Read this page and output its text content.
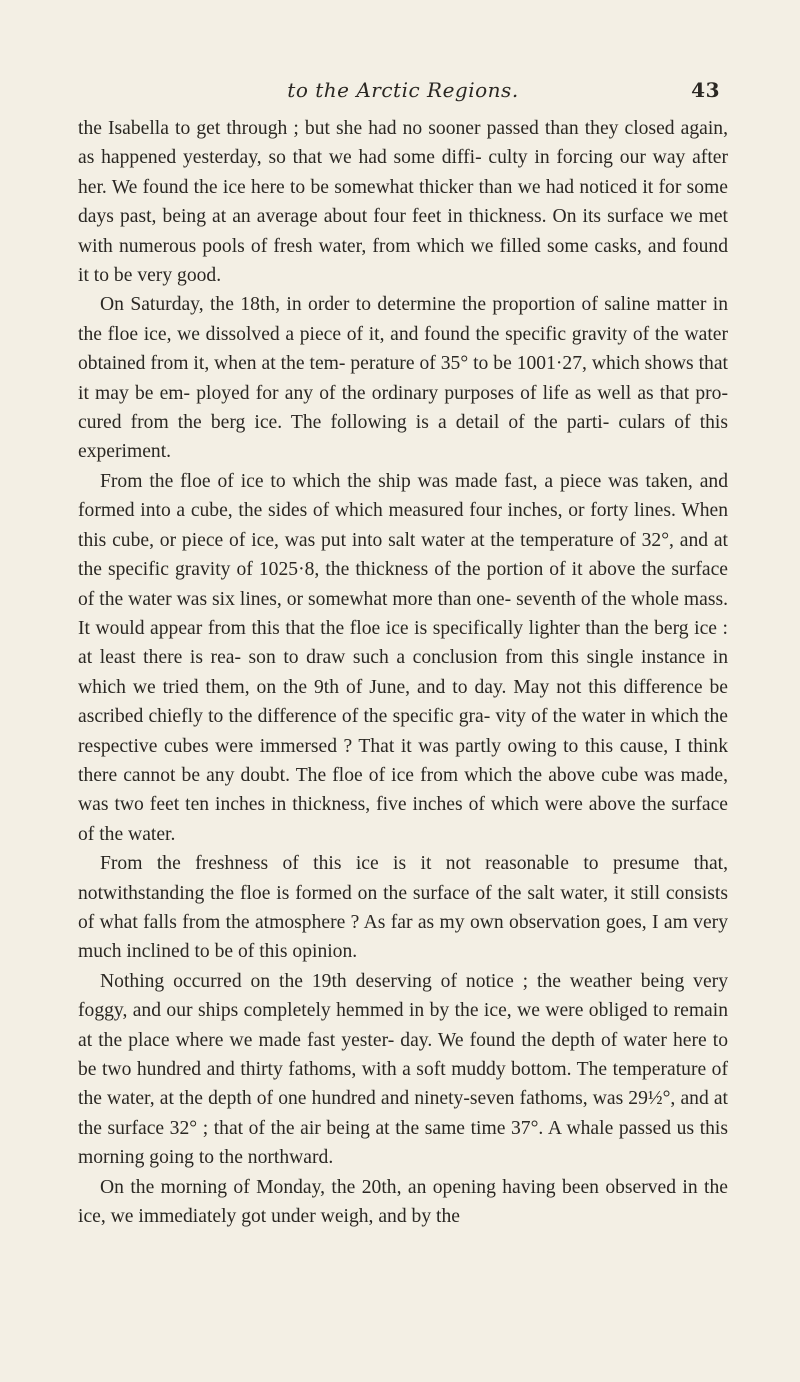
to the Arctic Regions.	43

the Isabella to get through ; but she had no sooner passed than they closed again, as happened yesterday, so that we had some diffi- culty in forcing our way after her. We found the ice here to be somewhat thicker than we had noticed it for some days past, being at an average about four feet in thickness. On its surface we met with numerous pools of fresh water, from which we filled some casks, and found it to be very good.

On Saturday, the 18th, in order to determine the proportion of saline matter in the floe ice, we dissolved a piece of it, and found the specific gravity of the water obtained from it, when at the tem- perature of 35° to be 1001·27, which shows that it may be em- ployed for any of the ordinary purposes of life as well as that pro- cured from the berg ice. The following is a detail of the parti- culars of this experiment.

From the floe of ice to which the ship was made fast, a piece was taken, and formed into a cube, the sides of which measured four inches, or forty lines. When this cube, or piece of ice, was put into salt water at the temperature of 32°, and at the specific gravity of 1025·8, the thickness of the portion of it above the surface of the water was six lines, or somewhat more than one- seventh of the whole mass. It would appear from this that the floe ice is specifically lighter than the berg ice : at least there is rea- son to draw such a conclusion from this single instance in which we tried them, on the 9th of June, and to day. May not this difference be ascribed chiefly to the difference of the specific gra- vity of the water in which the respective cubes were immersed ? That it was partly owing to this cause, I think there cannot be any doubt. The floe of ice from which the above cube was made, was two feet ten inches in thickness, five inches of which were above the surface of the water.

From the freshness of this ice is it not reasonable to presume that, notwithstanding the floe is formed on the surface of the salt water, it still consists of what falls from the atmosphere ? As far as my own observation goes, I am very much inclined to be of this opinion.

Nothing occurred on the 19th deserving of notice ; the weather being very foggy, and our ships completely hemmed in by the ice, we were obliged to remain at the place where we made fast yester- day. We found the depth of water here to be two hundred and thirty fathoms, with a soft muddy bottom. The temperature of the water, at the depth of one hundred and ninety-seven fathoms, was 29½°, and at the surface 32° ; that of the air being at the same time 37°. A whale passed us this morning going to the northward.

On the morning of Monday, the 20th, an opening having been observed in the ice, we immediately got under weigh, and by the
